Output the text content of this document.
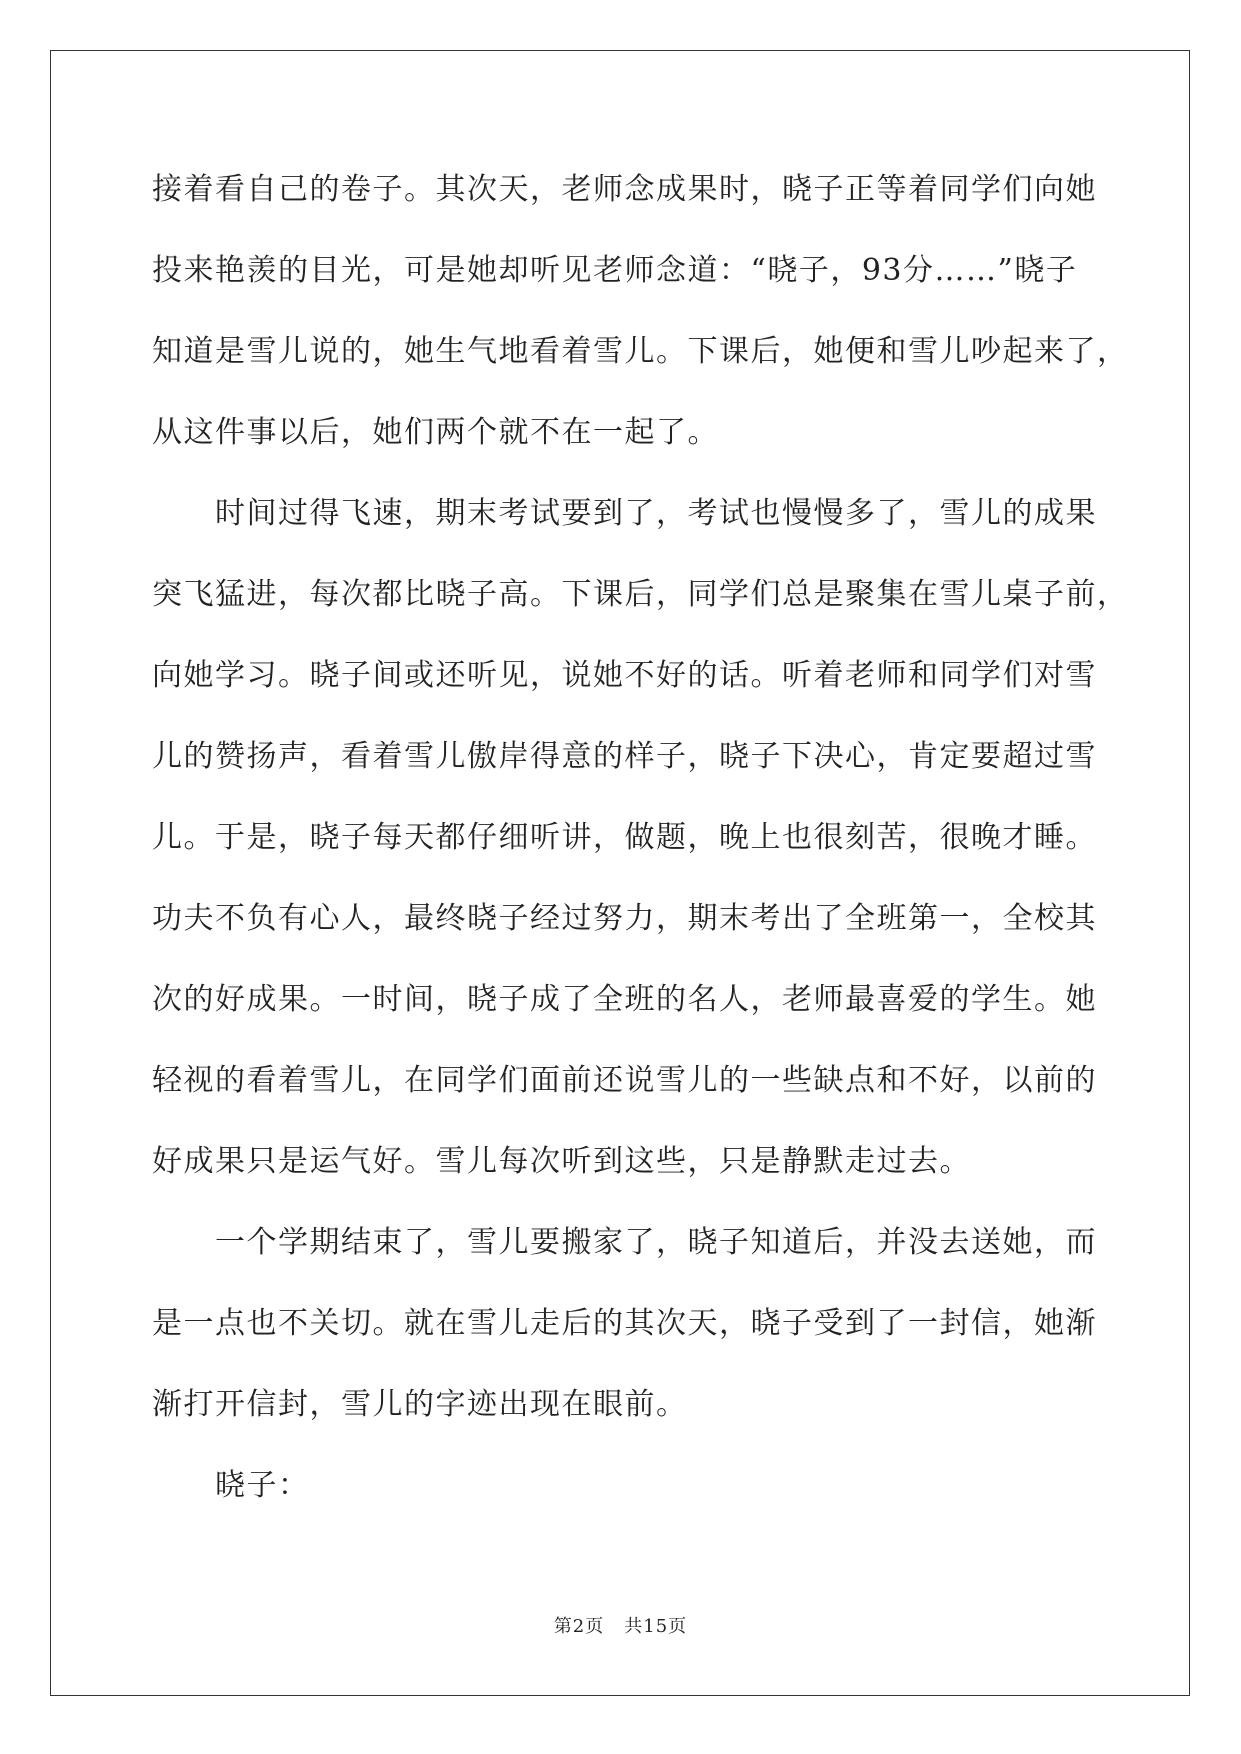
接着看自己的卷子。其次天，老师念成果时，晓子正等着同学们向她
投来艳羡的目光，可是她却听见老师念道：“晓子，93分……”晓子
知道是雪儿说的，她生气地看着雪儿。下课后，她便和雪儿吵起来了，
从这件事以后，她们两个就不在一起了。
时间过得飞速，期末考试要到了，考试也慢慢多了，雪儿的成果
突飞猛进，每次都比晓子高。下课后，同学们总是聚集在雪儿桌子前，
向她学习。晓子间或还听见，说她不好的话。听着老师和同学们对雪
儿的赞扬声，看着雪儿傲岸得意的样子，晓子下决心，肯定要超过雪
儿。于是，晓子每天都仔细听讲，做题，晚上也很刻苦，很晚才睡。
功夫不负有心人，最终晓子经过努力，期末考出了全班第一，全校其
次的好成果。一时间，晓子成了全班的名人，老师最喜爱的学生。她
轻视的看着雪儿，在同学们面前还说雪儿的一些缺点和不好，以前的
好成果只是运气好。雪儿每次听到这些，只是静默走过去。
一个学期结束了，雪儿要搬家了，晓子知道后，并没去送她，而
是一点也不关切。就在雪儿走后的其次天，晓子受到了一封信，她渐
渐打开信封，雪儿的字迹出现在眼前。
晓子：
第2页 共15页
